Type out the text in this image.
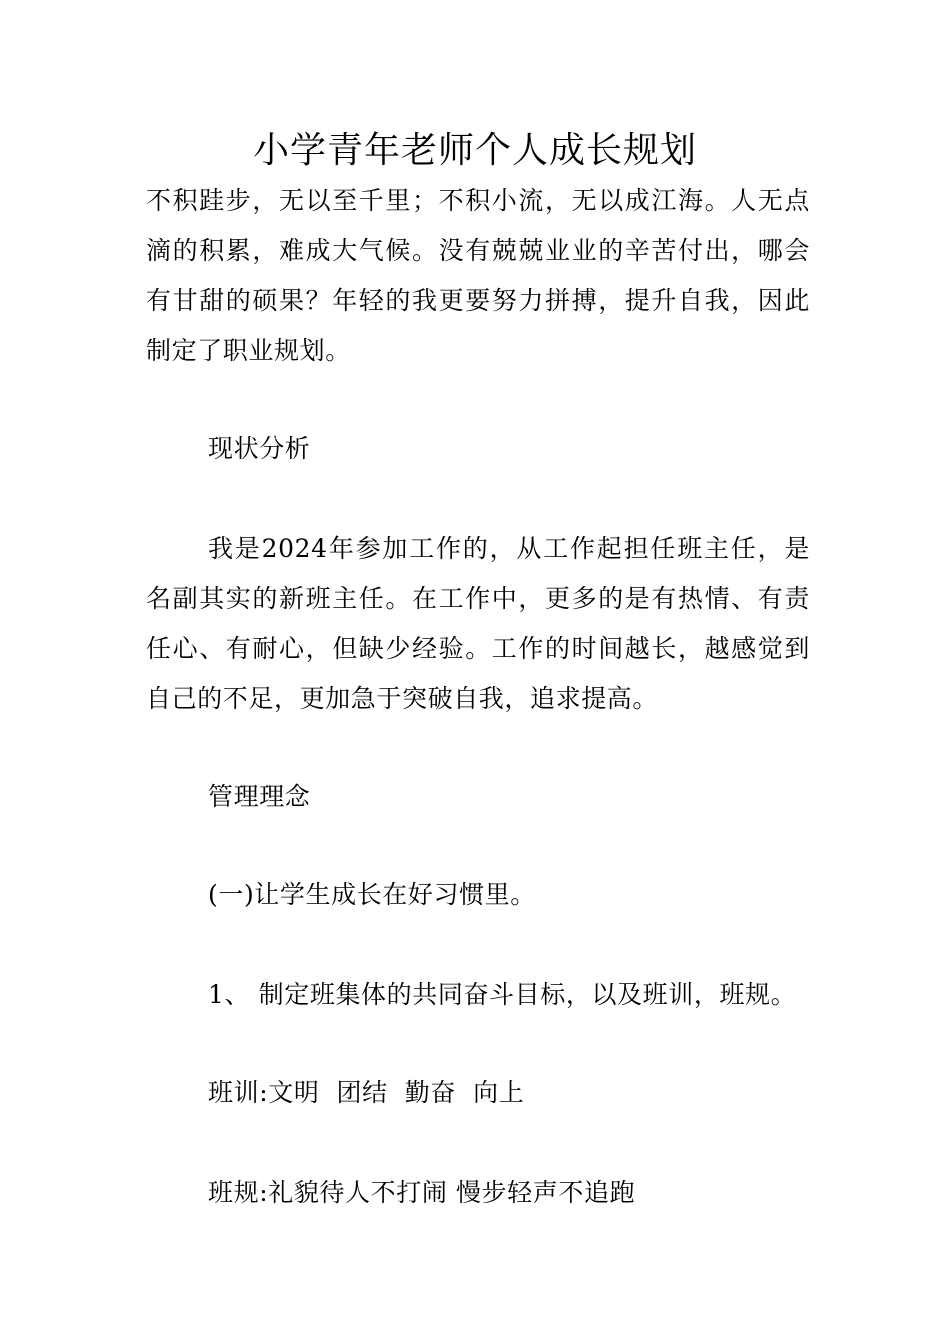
小学青年老师个人成长规划

不积跬步，无以至千里；不积小流，无以成江海。人无点滴的积累，难成大气候。没有兢兢业业的辛苦付出，哪会有甘甜的硕果？年轻的我更要努力拼搏，提升自我，因此制定了职业规划。

现状分析

我是2024年参加工作的，从工作起担任班主任，是名副其实的新班主任。在工作中，更多的是有热情、有责任心、有耐心，但缺少经验。工作的时间越长，越感觉到自己的不足，更加急于突破自我，追求提高。

管理理念

(一)让学生成长在好习惯里。

1、 制定班集体的共同奋斗目标，以及班训，班规。

班训:文明  团结  勤奋  向上

班规:礼貌待人不打闹 慢步轻声不追跑
